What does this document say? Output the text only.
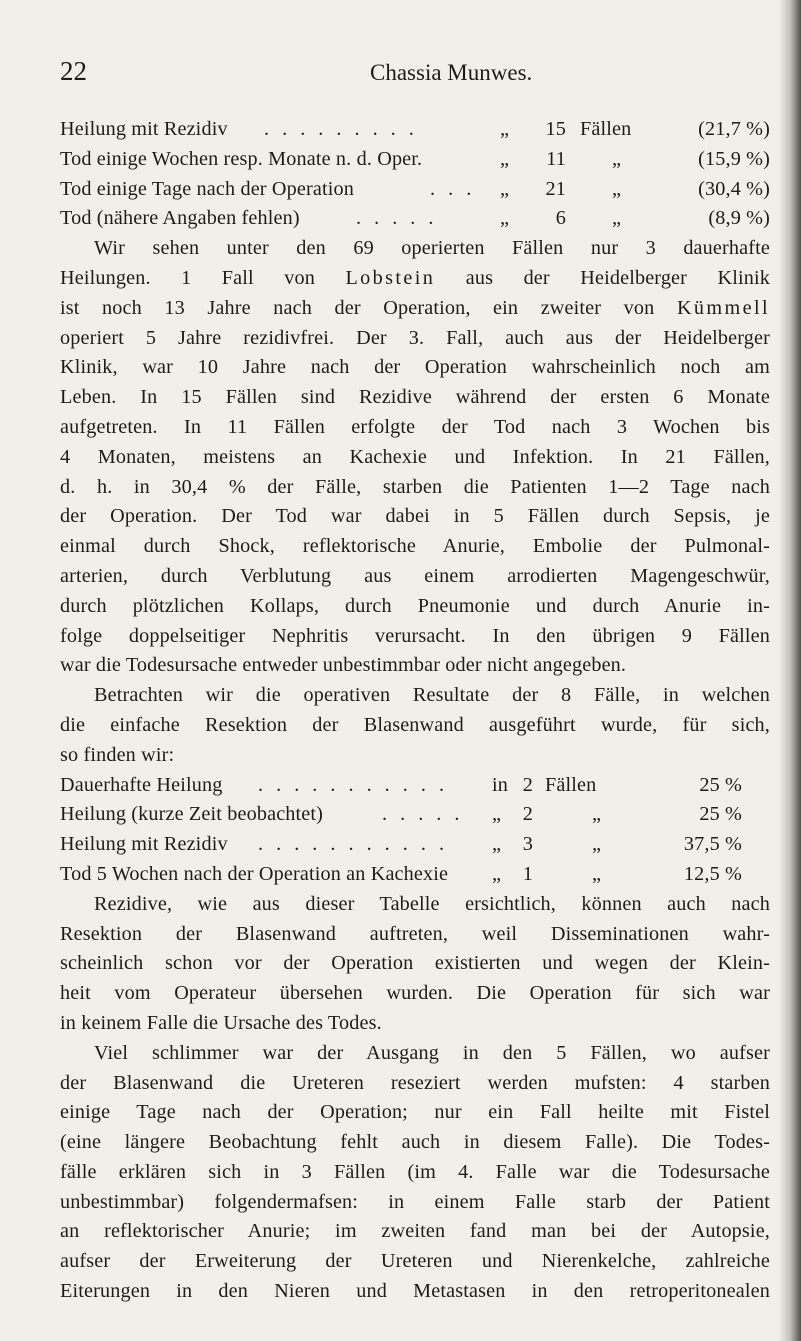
22	Chassia Munwes.
Heilung mit Rezidiv . . . . . . . . .	„	15 Fällen	(21,7 %)
Tod einige Wochen resp. Monate n. d. Oper.	„	11 „	(15,9 %)
Tod einige Tage nach der Operation	. . . „	21 „	(30,4 %)
Tod (nähere Angaben fehlen)	. . . . .	„	6 „	(8,9 %)
Wir sehen unter den 69 operierten Fällen nur 3 dauerhafte
Heilungen. 1 Fall von Lobstein aus der Heidelberger Klinik
ist noch 13 Jahre nach der Operation, ein zweiter von Kümmell
operiert 5 Jahre rezidivfrei. Der 3. Fall, auch aus der Heidelberger
Klinik, war 10 Jahre nach der Operation wahrscheinlich noch am
Leben. In 15 Fällen sind Rezidive während der ersten 6 Monate
aufgetreten. In 11 Fällen erfolgte der Tod nach 3 Wochen bis
4 Monaten, meistens an Kachexie und Infektion. In 21 Fällen,
d. h. in 30,4 % der Fälle, starben die Patienten 1—2 Tage nach
der Operation. Der Tod war dabei in 5 Fällen durch Sepsis, je
einmal durch Shock, reflektorische Anurie, Embolie der Pulmonal-
arterien, durch Verblutung aus einem arrodierten Magengeschwür,
durch plötzlichen Kollaps, durch Pneumonie und durch Anurie in-
folge doppelseitiger Nephritis verursacht. In den übrigen 9 Fällen
war die Todesursache entweder unbestimmbar oder nicht angegeben.
Betrachten wir die operativen Resultate der 8 Fälle, in welchen
die einfache Resektion der Blasenwand ausgeführt wurde, für sich,
so finden wir:
Dauerhafte Heilung . . . . . . . . . . . in 2 Fällen	25 %
Heilung (kurze Zeit beobachtet)	. . . . . „	2	„	25 %
Heilung mit Rezidiv . . . . . . . . . . . „	3	„	37,5 %
Tod 5 Wochen nach der Operation an Kachexie „	1	„	12,5 %
Rezidive, wie aus dieser Tabelle ersichtlich, können auch nach
Resektion der Blasenwand auftreten, weil Disseminationen wahr-
scheinlich schon vor der Operation existierten und wegen der Klein-
heit vom Operateur übersehen wurden. Die Operation für sich war
in keinem Falle die Ursache des Todes.
Viel schlimmer war der Ausgang in den 5 Fällen, wo aufser
der Blasenwand die Ureteren reseziert werden mufsten: 4 starben
einige Tage nach der Operation; nur ein Fall heilte mit Fistel
(eine längere Beobachtung fehlt auch in diesem Falle). Die Todes-
fälle erklären sich in 3 Fällen (im 4. Falle war die Todesursache
unbestimmbar) folgendermafsen: in einem Falle starb der Patient
an reflektorischer Anurie; im zweiten fand man bei der Autopsie,
aufser der Erweiterung der Ureteren und Nierenkelche, zahlreiche
Eiterungen in den Nieren und Metastasen in den retroperitonealen
